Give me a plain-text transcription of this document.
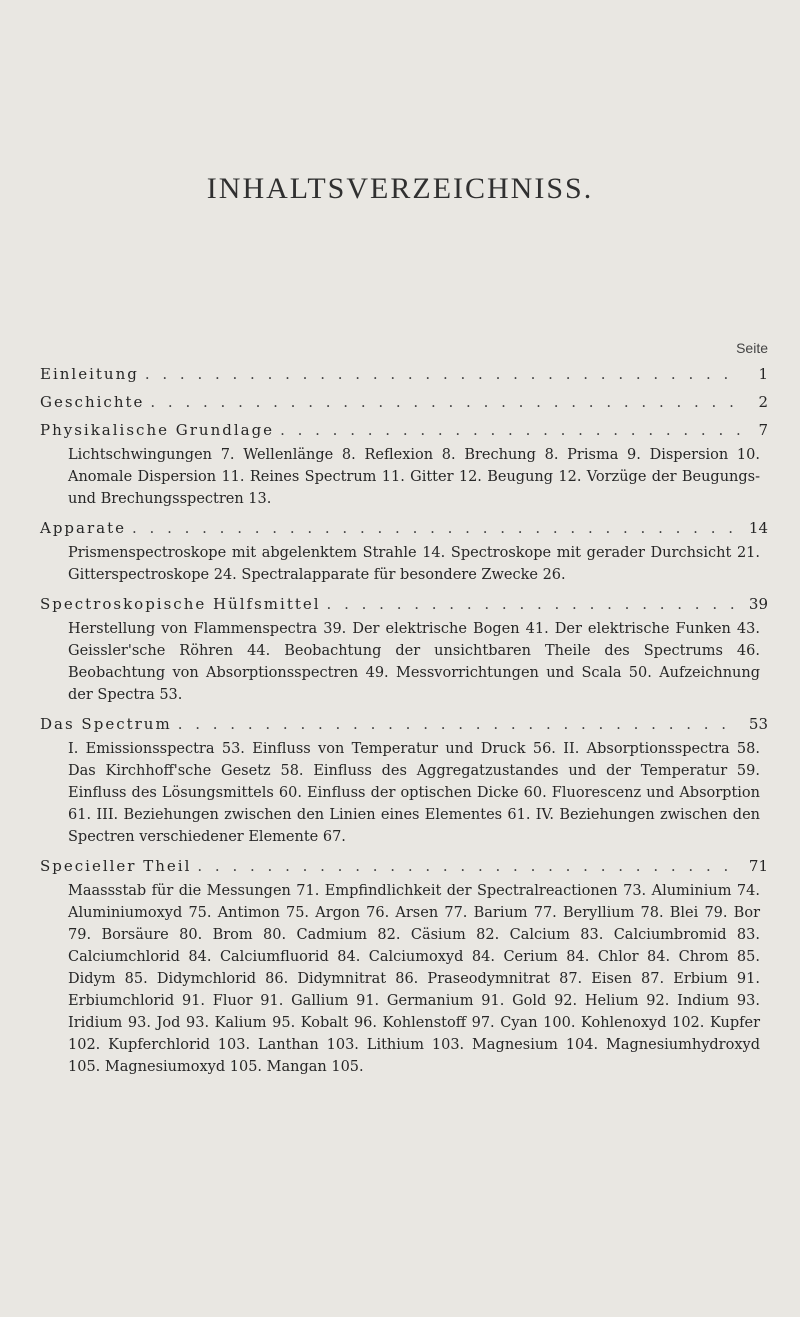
INHALTSVERZEICHNISS.
Seite
Einleitung . . .	1
Geschichte . . .	2
Physikalische Grundlage . . .	7
Lichtschwingungen 7. Wellenlänge 8. Reflexion 8. Brechung 8. Prisma 9. Dispersion 10. Anomale Dispersion 11. Reines Spectrum 11. Gitter 12. Beugung 12. Vorzüge der Beugungs- und Brechungsspectren 13.
Apparate . . .	14
Prismenspectroskope mit abgelenktem Strahle 14. Spectroskope mit gerader Durchsicht 21. Gitterspectroskope 24. Spectralapparate für besondere Zwecke 26.
Spectroskopische Hülfsmittel . . .	39
Herstellung von Flammenspectra 39. Der elektrische Bogen 41. Der elektrische Funken 43. Geissler'sche Röhren 44. Beobachtung der unsichtbaren Theile des Spectrums 46. Beobachtung von Absorptionsspectren 49. Messvorrichtungen und Scala 50. Aufzeichnung der Spectra 53.
Das Spectrum . . .	53
I. Emissionsspectra 53. Einfluss von Temperatur und Druck 56. II. Absorptionsspectra 58. Das Kirchhoff'sche Gesetz 58. Einfluss des Aggregatzustandes und der Temperatur 59. Einfluss des Lösungsmittels 60. Einfluss der optischen Dicke 60. Fluorescenz und Absorption 61. III. Beziehungen zwischen den Linien eines Elementes 61. IV. Beziehungen zwischen den Spectren verschiedener Elemente 67.
Specieller Theil . . .	71
Maassstab für die Messungen 71. Empfindlichkeit der Spectralreactionen 73. Aluminium 74. Aluminiumoxyd 75. Antimon 75. Argon 76. Arsen 77. Barium 77. Beryllium 78. Blei 79. Bor 79. Borsäure 80. Brom 80. Cadmium 82. Cäsium 82. Calcium 83. Calciumbromid 83. Calciumchlorid 84. Calciumfluorid 84. Calciumoxyd 84. Cerium 84. Chlor 84. Chrom 85. Didym 85. Didymchlorid 86. Didymnitrat 86. Praseodymnitrat 87. Eisen 87. Erbium 91. Erbiumchlorid 91. Fluor 91. Gallium 91. Germanium 91. Gold 92. Helium 92. Indium 93. Iridium 93. Jod 93. Kalium 95. Kobalt 96. Kohlenstoff 97. Cyan 100. Kohlenoxyd 102. Kupfer 102. Kupferchlorid 103. Lanthan 103. Lithium 103. Magnesium 104. Magnesiumhydroxyd 105. Magnesiumoxyd 105. Mangan 105.
